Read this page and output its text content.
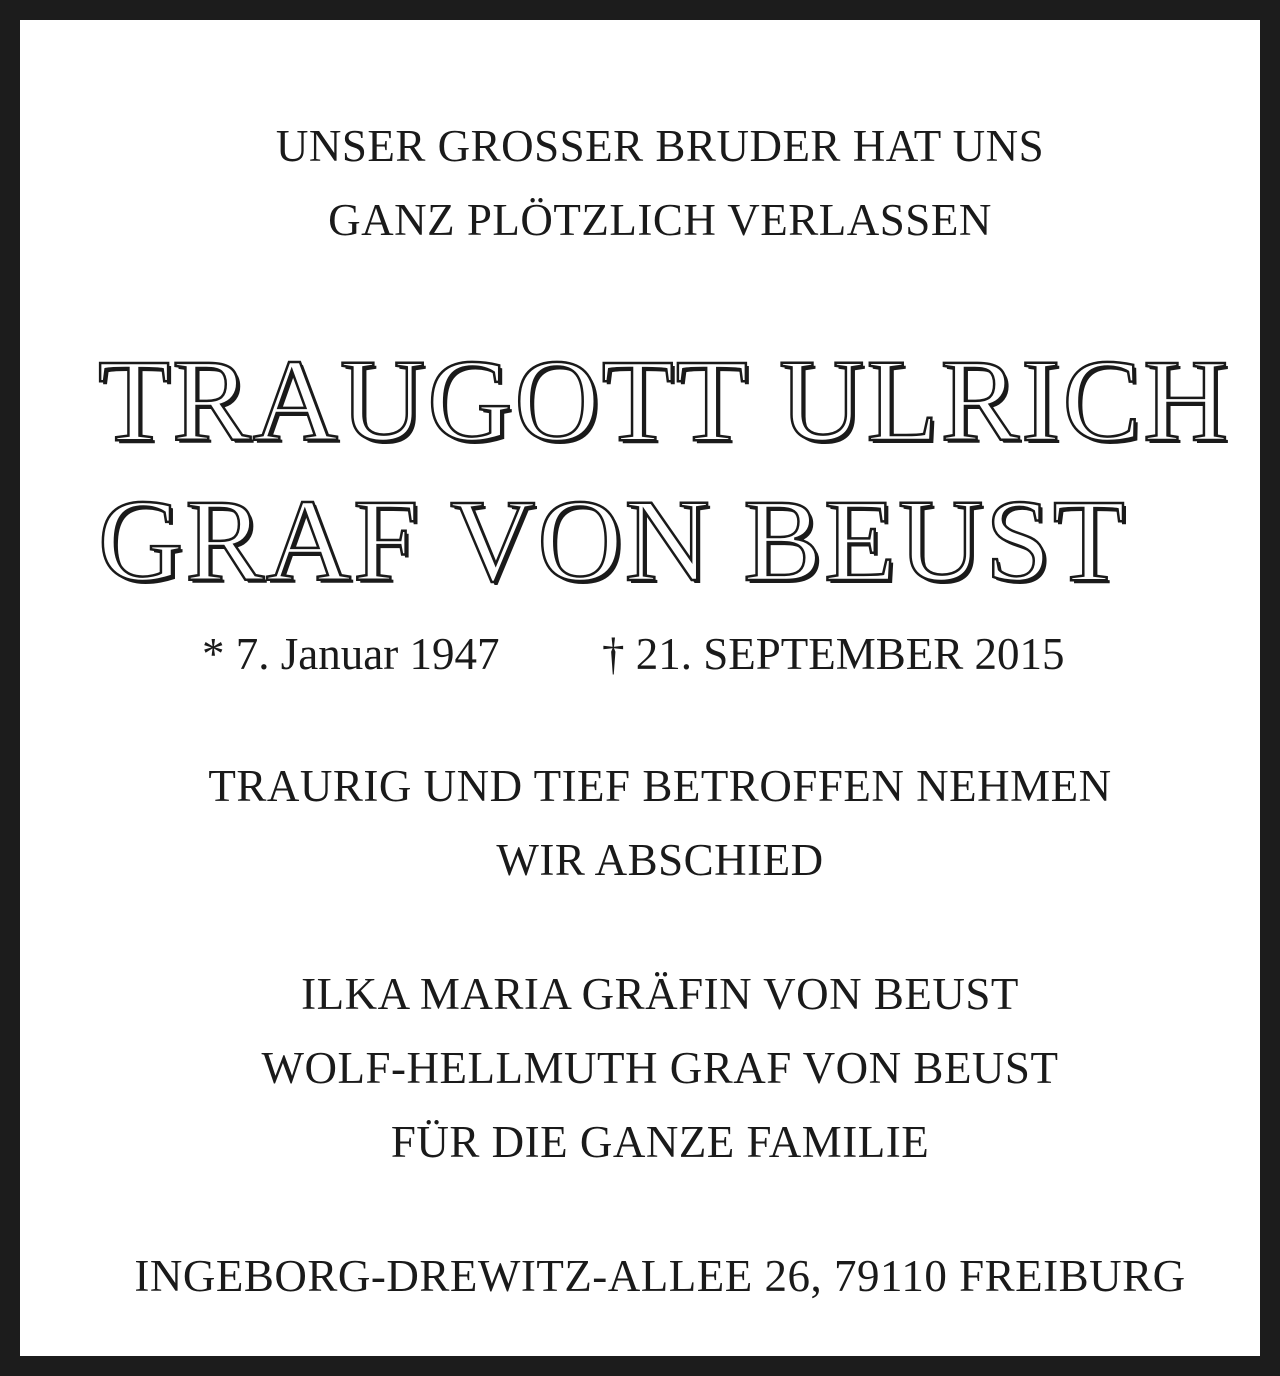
UNSER GROSSER BRUDER HAT UNS
GANZ PLÖTZLICH VERLASSEN
TRAUGOTT ULRICH
GRAF VON BEUST
* 7. Januar 1947 † 21. SEPTEMBER 2015
TRAURIG UND TIEF BETROFFEN NEHMEN
WIR ABSCHIED
ILKA MARIA GRÄFIN VON BEUST
WOLF-HELLMUTH GRAF VON BEUST
FÜR DIE GANZE FAMILIE
INGEBORG-DREWITZ-ALLEE 26, 79110 FREIBURG
